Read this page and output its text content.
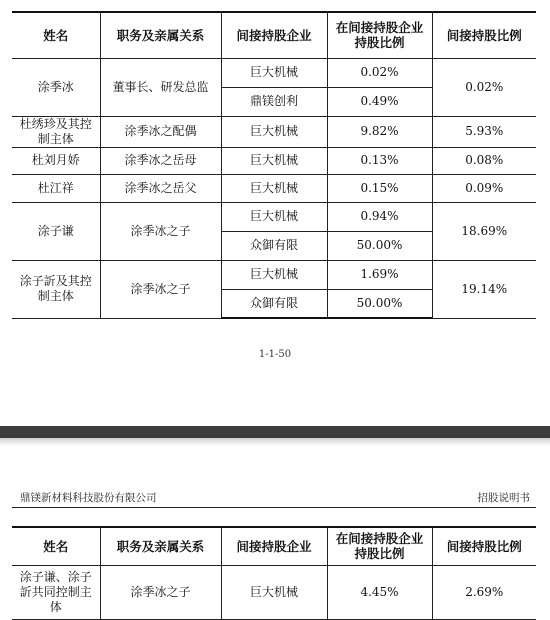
姓名	职务及亲属关系	间接持股企业	在间接持股企业持股比例	间接持股比例
涂季冰	董事长、研发总监	巨大机械	0.02%	0.02%
		鼎镁创利	0.49%	
杜绣珍及其控制主体	涂季冰之配偶	巨大机械	9.82%	5.93%
杜刘月娇	涂季冰之岳母	巨大机械	0.13%	0.08%
杜江祥	涂季冰之岳父	巨大机械	0.15%	0.09%
涂子谦	涂季冰之子	巨大机械	0.94%	18.69%
		众御有限	50.00%	
涂子訢及其控制主体	涂季冰之子	巨大机械	1.69%	19.14%
		众御有限	50.00%	
1-1-50
鼎镁新材料科技股份有限公司	招股说明书
姓名	职务及亲属关系	间接持股企业	在间接持股企业持股比例	间接持股比例
涂子谦、涂子訢共同控制主体	涂季冰之子	巨大机械	4.45%	2.69%
